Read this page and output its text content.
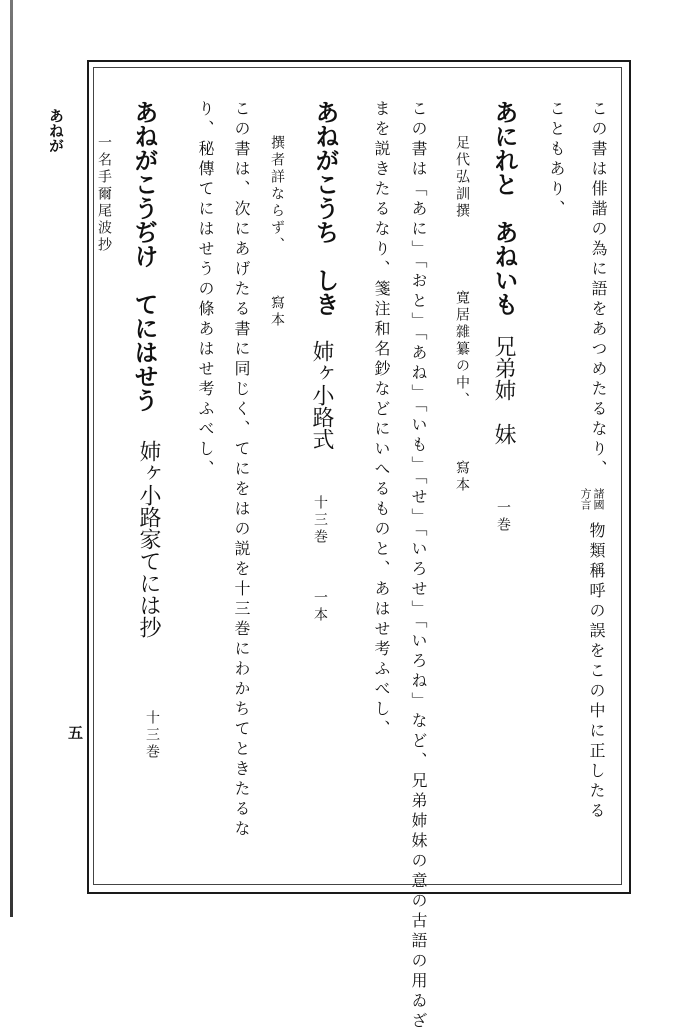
あねが
五
この書は俳諧の為に語をあつめたるなり、
諸國
方言
物類稱呼の誤をこの中に正したる
こともあり、
あにれと　あねいも
兄弟姉　妹
一巻
足代弘訓撰
寛居雜纂の中、
寫本
この書は「あに」「おと」「あね」「いも」「せ」「いろせ」「いろね」など、兄弟姉妹の意の古語の用ゐざ
まを説きたるなり、箋注和名鈔などにいへるものと、あはせ考ふべし、
あねがこうち　しき
姉ヶ小路式
十三巻
一本
撰者詳ならず、
寫本
この書は、次にあげたる書に同じく、てにをはの説を十三巻にわかちてときたるな
り、秘傳てにはせうの條あはせ考ふべし、
あねがこうぢけ　てにはせう
姉ヶ小路家てには抄
十三巻
一名手爾尾波抄
